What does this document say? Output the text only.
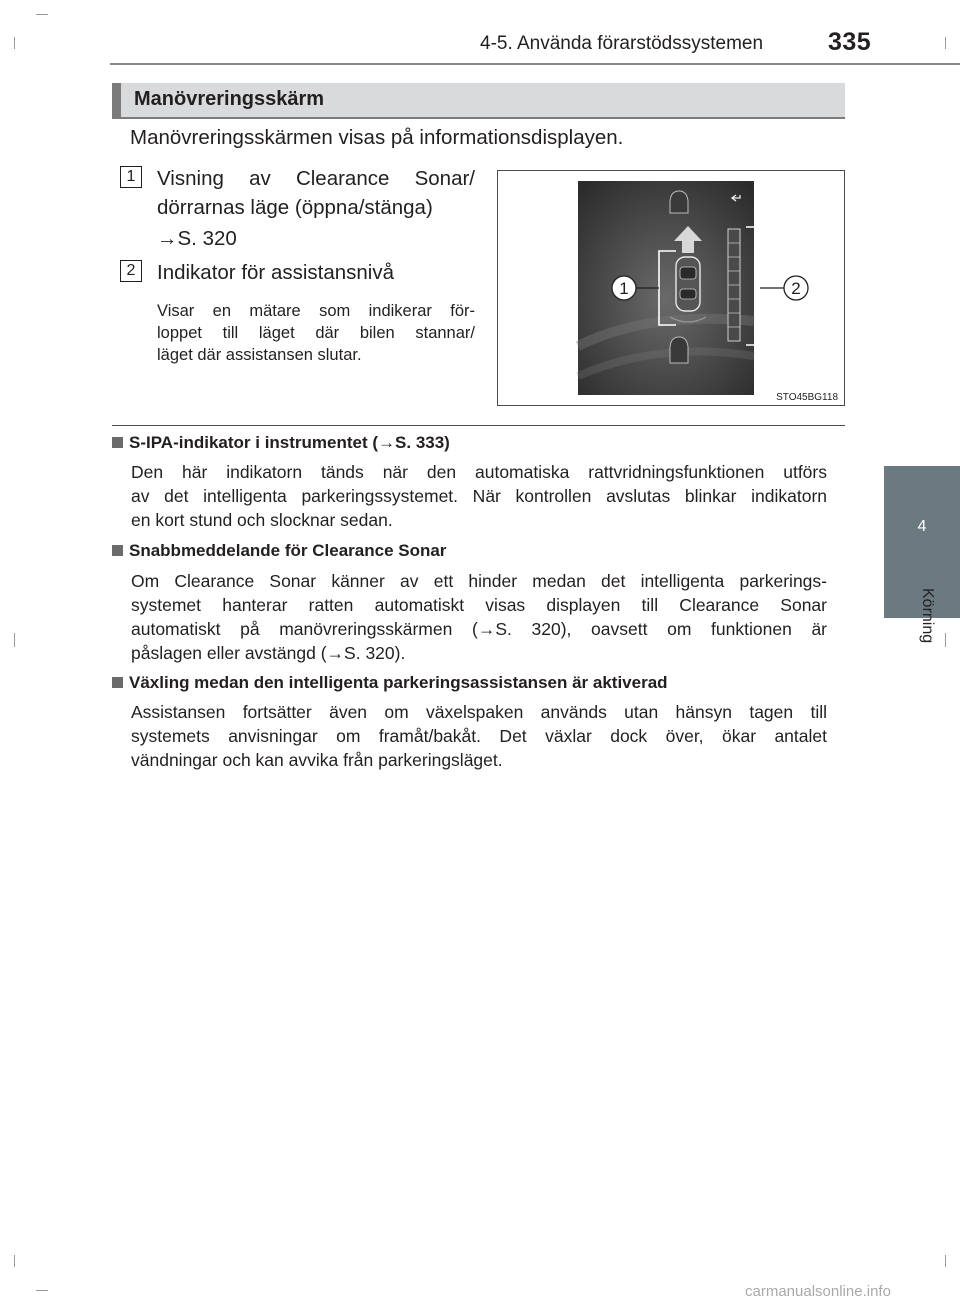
4-5. Använda förarstödssystemen	335
4
Körning
Manövreringsskärm
Manövreringsskärmen visas på informationsdisplayen.
1	Visning av Clearance Sonar/
dörrarnas läge (öppna/stänga)
→S. 320
2	Indikator för assistansnivå
Visar en mätare som indikerar för-
loppet till läget där bilen stannar/
läget där assistansen slutar.
1	2
STO45BG118
S-IPA-indikator i instrumentet (→S. 333)
Den här indikatorn tänds när den automatiska rattvridningsfunktionen utförs
av det intelligenta parkeringssystemet. När kontrollen avslutas blinkar indikatorn
en kort stund och slocknar sedan.
Snabbmeddelande för Clearance Sonar
Om Clearance Sonar känner av ett hinder medan det intelligenta parkerings-
systemet hanterar ratten automatiskt visas displayen till Clearance Sonar
automatiskt på manövreringsskärmen (→S. 320), oavsett om funktionen är
påslagen eller avstängd (→S. 320).
Växling medan den intelligenta parkeringsassistansen är aktiverad
Assistansen fortsätter även om växelspaken används utan hänsyn tagen till
systemets anvisningar om framåt/bakåt. Det växlar dock över, ökar antalet
vändningar och kan avvika från parkeringsläget.
carmanualsonline.info
